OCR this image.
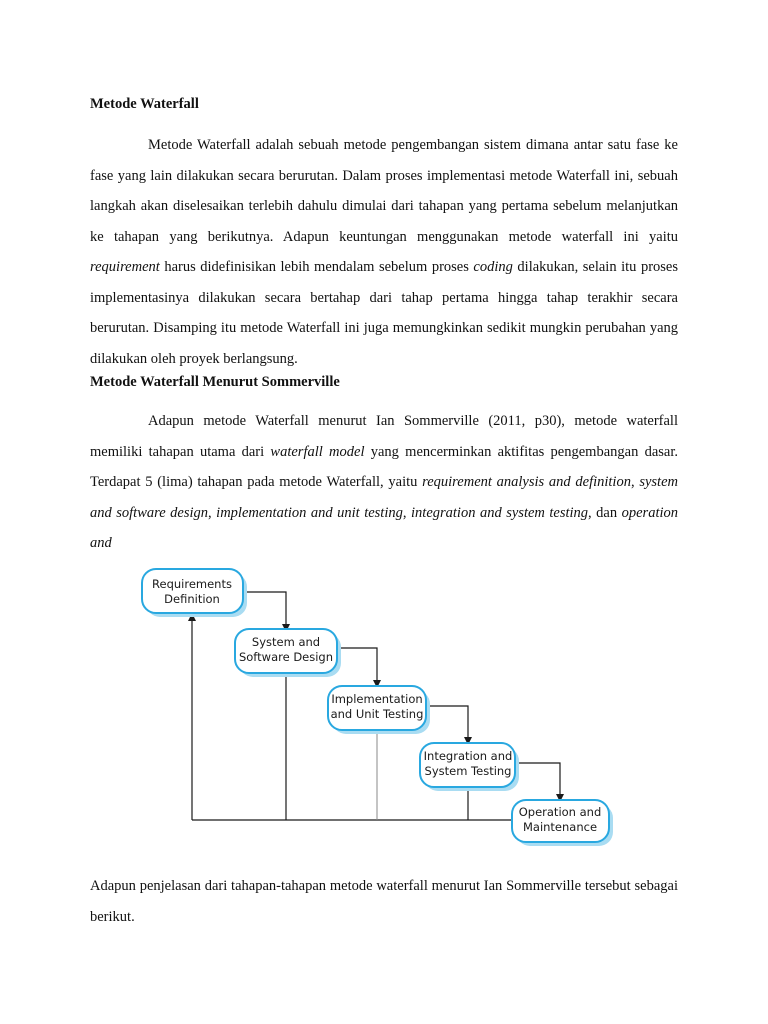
Metode Waterfall

Metode Waterfall adalah sebuah metode pengembangan sistem dimana antar satu fase ke fase yang lain dilakukan secara berurutan. Dalam proses implementasi metode Waterfall ini, sebuah langkah akan diselesaikan terlebih dahulu dimulai dari tahapan yang pertama sebelum melanjutkan ke tahapan yang berikutnya. Adapun keuntungan menggunakan metode waterfall ini yaitu requirement harus didefinisikan lebih mendalam sebelum proses coding dilakukan, selain itu proses implementasinya dilakukan secara bertahap dari tahap pertama hingga tahap terakhir secara berurutan. Disamping itu metode Waterfall ini juga memungkinkan sedikit mungkin perubahan yang dilakukan oleh proyek berlangsung.

Metode Waterfall Menurut Sommerville

Adapun metode Waterfall menurut Ian Sommerville (2011, p30), metode waterfall memiliki tahapan utama dari waterfall model yang mencerminkan aktifitas pengembangan dasar. Terdapat 5 (lima) tahapan pada metode Waterfall, yaitu requirement analysis and definition, system and software design, implementation and unit testing, integration and system testing, dan operation and

Requirements
Definition
System and
Software Design
Implementation
and Unit Testing
Integration and
System Testing
Operation and
Maintenance

Adapun penjelasan dari tahapan-tahapan metode waterfall menurut Ian Sommerville tersebut sebagai berikut.
